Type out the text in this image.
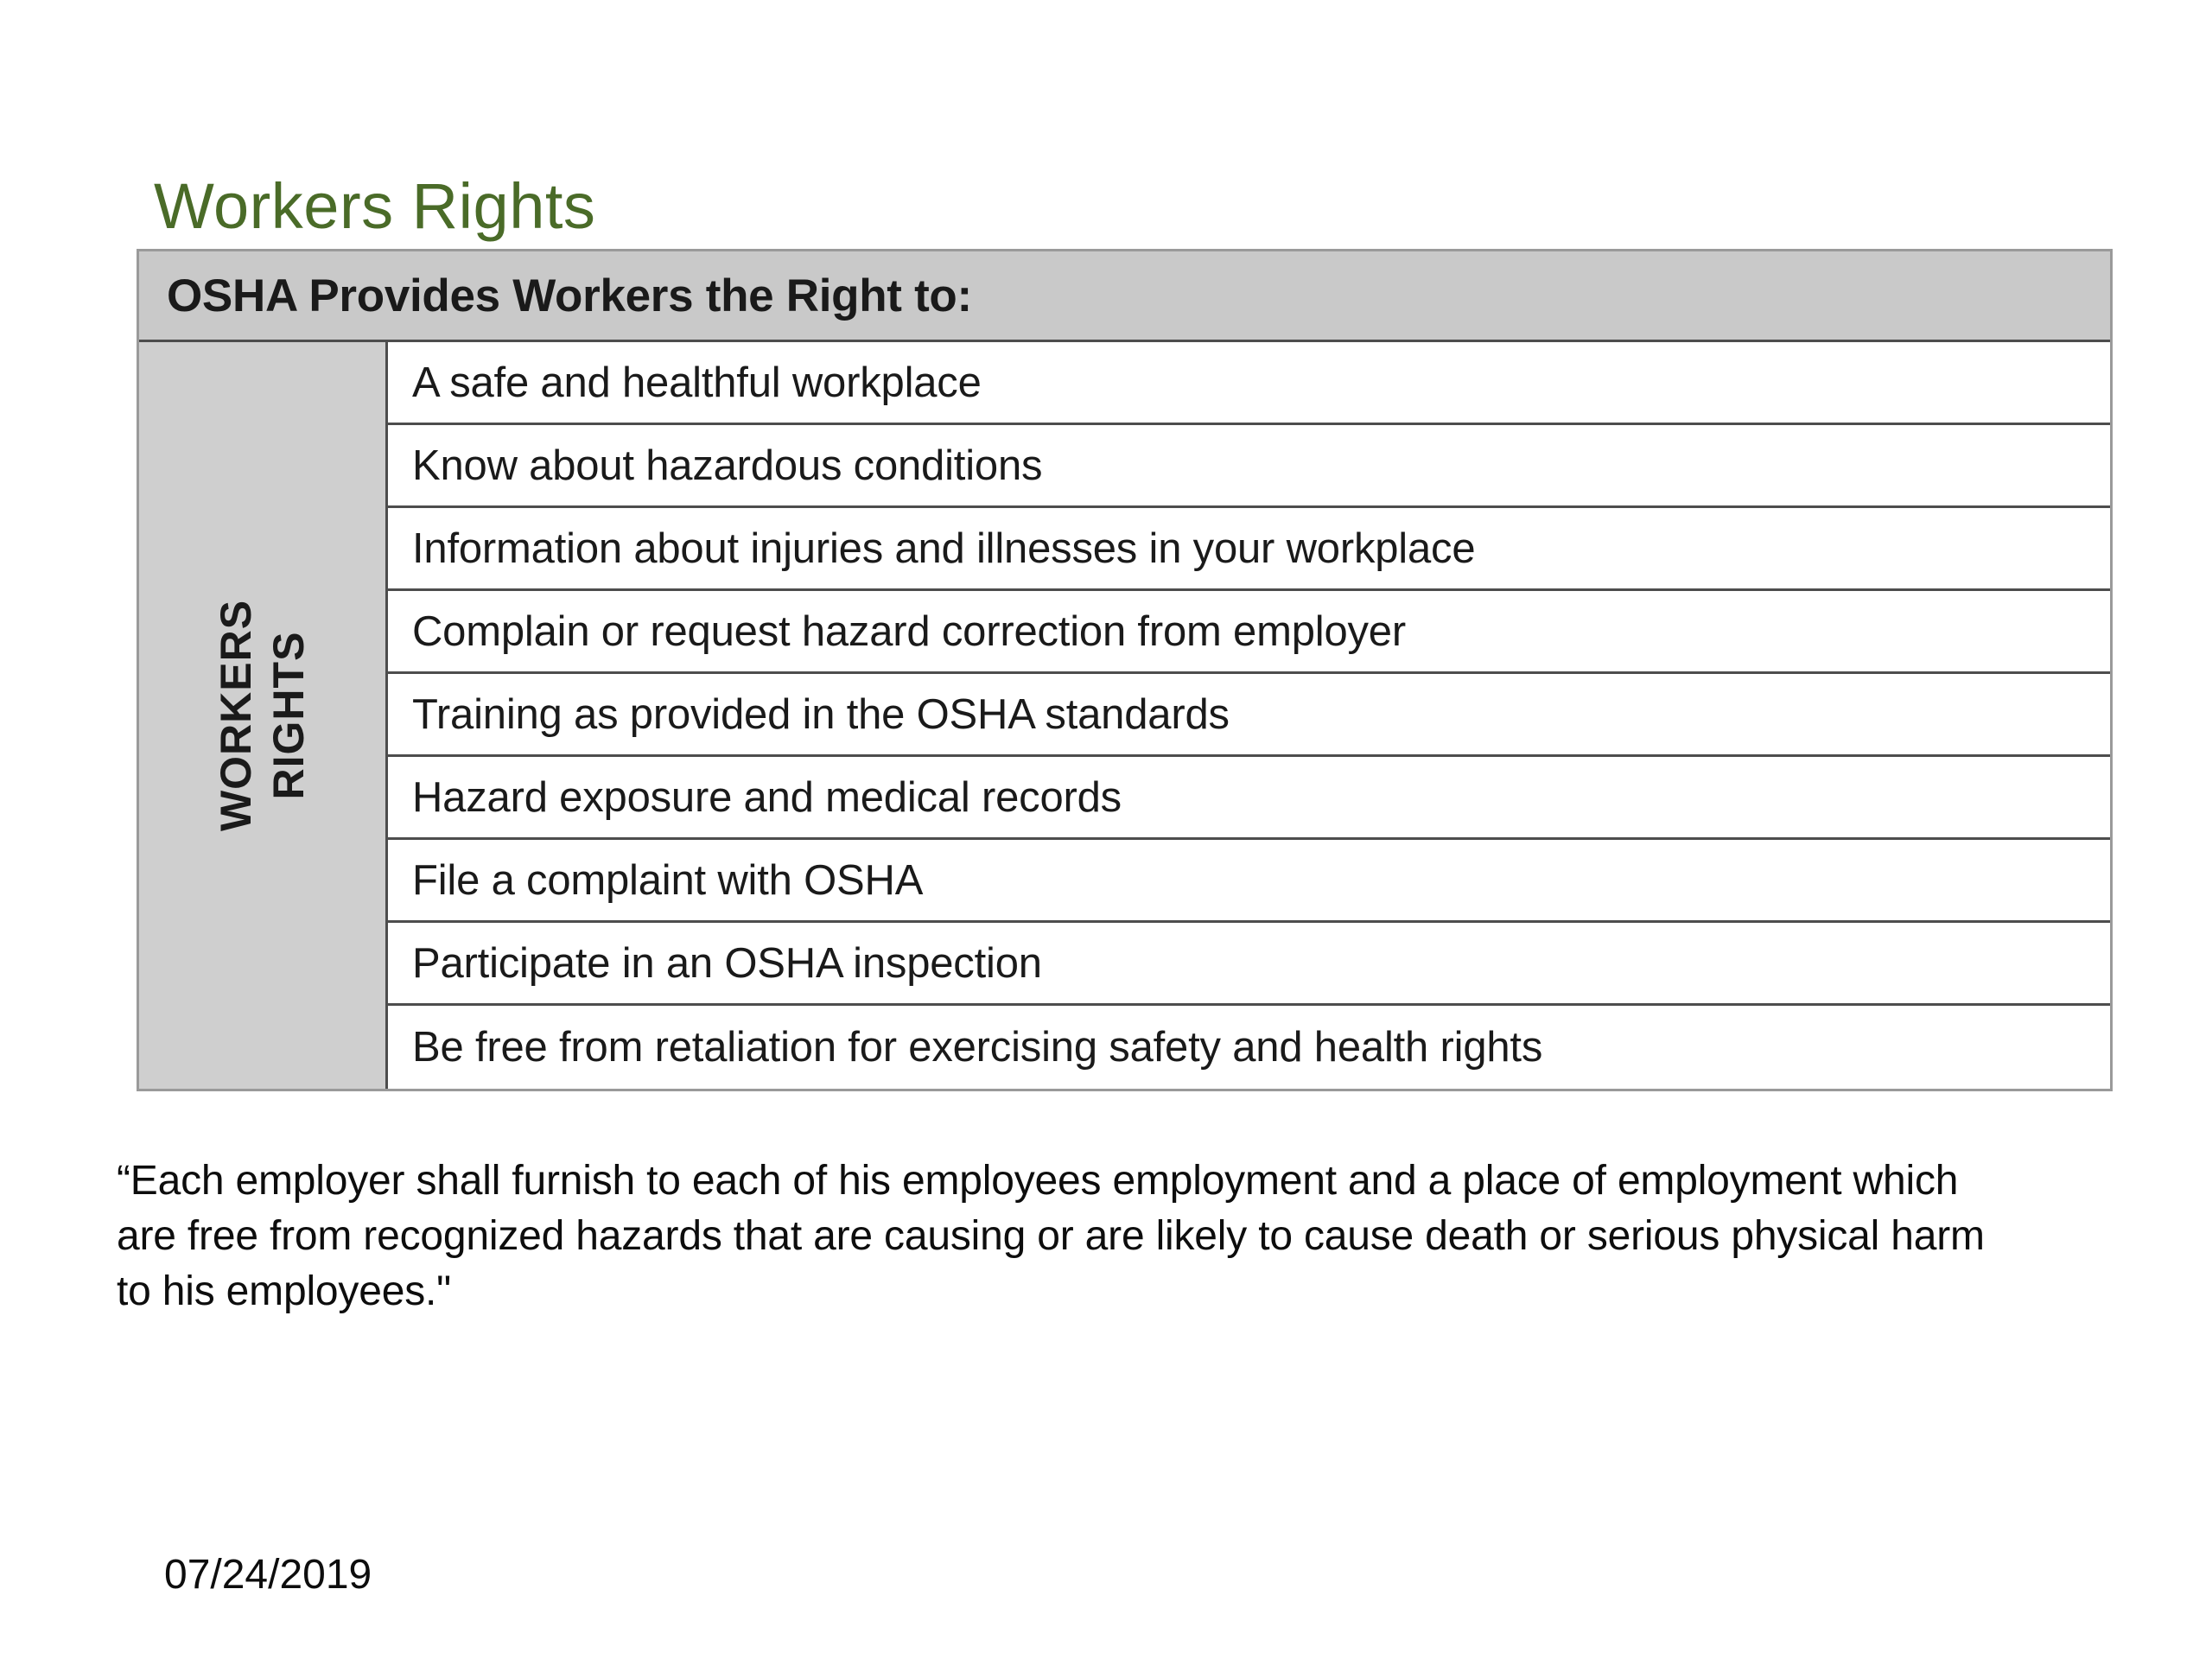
Workers Rights
OSHA Provides Workers the Right to:
WORKERS RIGHTS
A safe and healthful workplace
Know about hazardous conditions
Information about injuries and illnesses in your workplace
Complain or request hazard correction from employer
Training as provided in the OSHA standards
Hazard exposure and medical records
File a complaint with OSHA
Participate in an OSHA inspection
Be free from retaliation for exercising safety and health rights
“Each employer shall furnish to each of his employees employment and a place of employment which are free from recognized hazards that are causing or are likely to cause death or serious physical harm to his employees."
07/24/2019
